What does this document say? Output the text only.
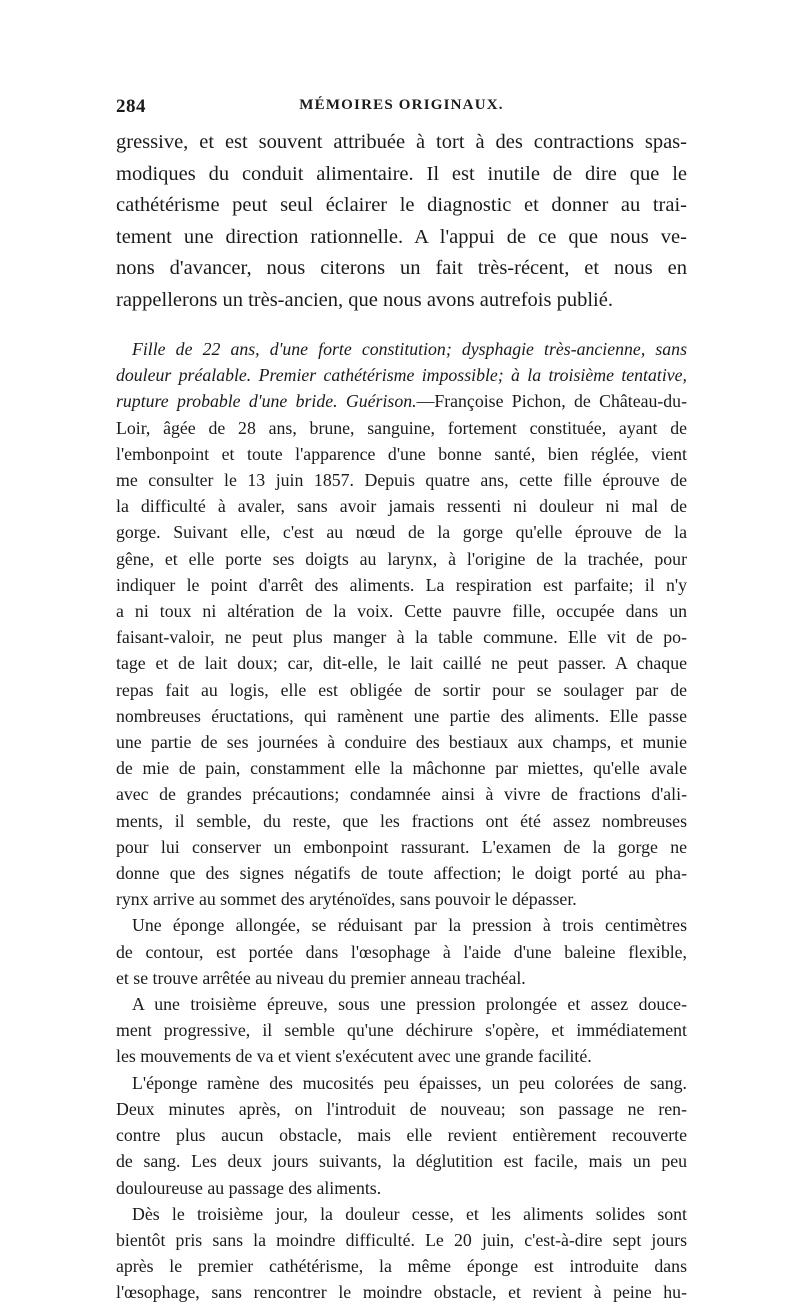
284	MÉMOIRES ORIGINAUX.

gressive, et est souvent attribuée à tort à des contractions spas-

modiques du conduit alimentaire. Il est inutile de dire que le

cathétérisme peut seul éclairer le diagnostic et donner au trai-

tement une direction rationnelle. A l'appui de ce que nous ve-

nons d'avancer, nous citerons un fait très-récent, et nous en

rappellerons un très-ancien, que nous avons autrefois publié.

Fille de 22 ans, d'une forte constitution; dysphagie très-ancienne, sans

douleur préalable. Premier cathétérisme impossible; à la troisième tentative,

rupture probable d'une bride. Guérison.—Françoise Pichon, de Château-du-

Loir, âgée de 28 ans, brune, sanguine, fortement constituée, ayant de

l'embonpoint et toute l'apparence d'une bonne santé, bien réglée, vient

me consulter le 13 juin 1857. Depuis quatre ans, cette fille éprouve de

la difficulté à avaler, sans avoir jamais ressenti ni douleur ni mal de

gorge. Suivant elle, c'est au nœud de la gorge qu'elle éprouve de la

gêne, et elle porte ses doigts au larynx, à l'origine de la trachée, pour

indiquer le point d'arrêt des aliments. La respiration est parfaite; il n'y

a ni toux ni altération de la voix. Cette pauvre fille, occupée dans un

faisant-valoir, ne peut plus manger à la table commune. Elle vit de po-

tage et de lait doux; car, dit-elle, le lait caillé ne peut passer. A chaque

repas fait au logis, elle est obligée de sortir pour se soulager par de

nombreuses éructations, qui ramènent une partie des aliments. Elle passe

une partie de ses journées à conduire des bestiaux aux champs, et munie

de mie de pain, constamment elle la mâchonne par miettes, qu'elle avale

avec de grandes précautions; condamnée ainsi à vivre de fractions d'ali-

ments, il semble, du reste, que les fractions ont été assez nombreuses

pour lui conserver un embonpoint rassurant. L'examen de la gorge ne

donne que des signes négatifs de toute affection; le doigt porté au pha-

rynx arrive au sommet des aryténoïdes, sans pouvoir le dépasser.

Une éponge allongée, se réduisant par la pression à trois centimètres

de contour, est portée dans l'œsophage à l'aide d'une baleine flexible,

et se trouve arrêtée au niveau du premier anneau trachéal.

A une troisième épreuve, sous une pression prolongée et assez douce-

ment progressive, il semble qu'une déchirure s'opère, et immédiatement

les mouvements de va et vient s'exécutent avec une grande facilité.

L'éponge ramène des mucosités peu épaisses, un peu colorées de sang.

Deux minutes après, on l'introduit de nouveau; son passage ne ren-

contre plus aucun obstacle, mais elle revient entièrement recouverte

de sang. Les deux jours suivants, la déglutition est facile, mais un peu

douloureuse au passage des aliments.

Dès le troisième jour, la douleur cesse, et les aliments solides sont

bientôt pris sans la moindre difficulté. Le 20 juin, c'est-à-dire sept jours

après le premier cathétérisme, la même éponge est introduite dans

l'œsophage, sans rencontrer le moindre obstacle, et revient à peine hu-
